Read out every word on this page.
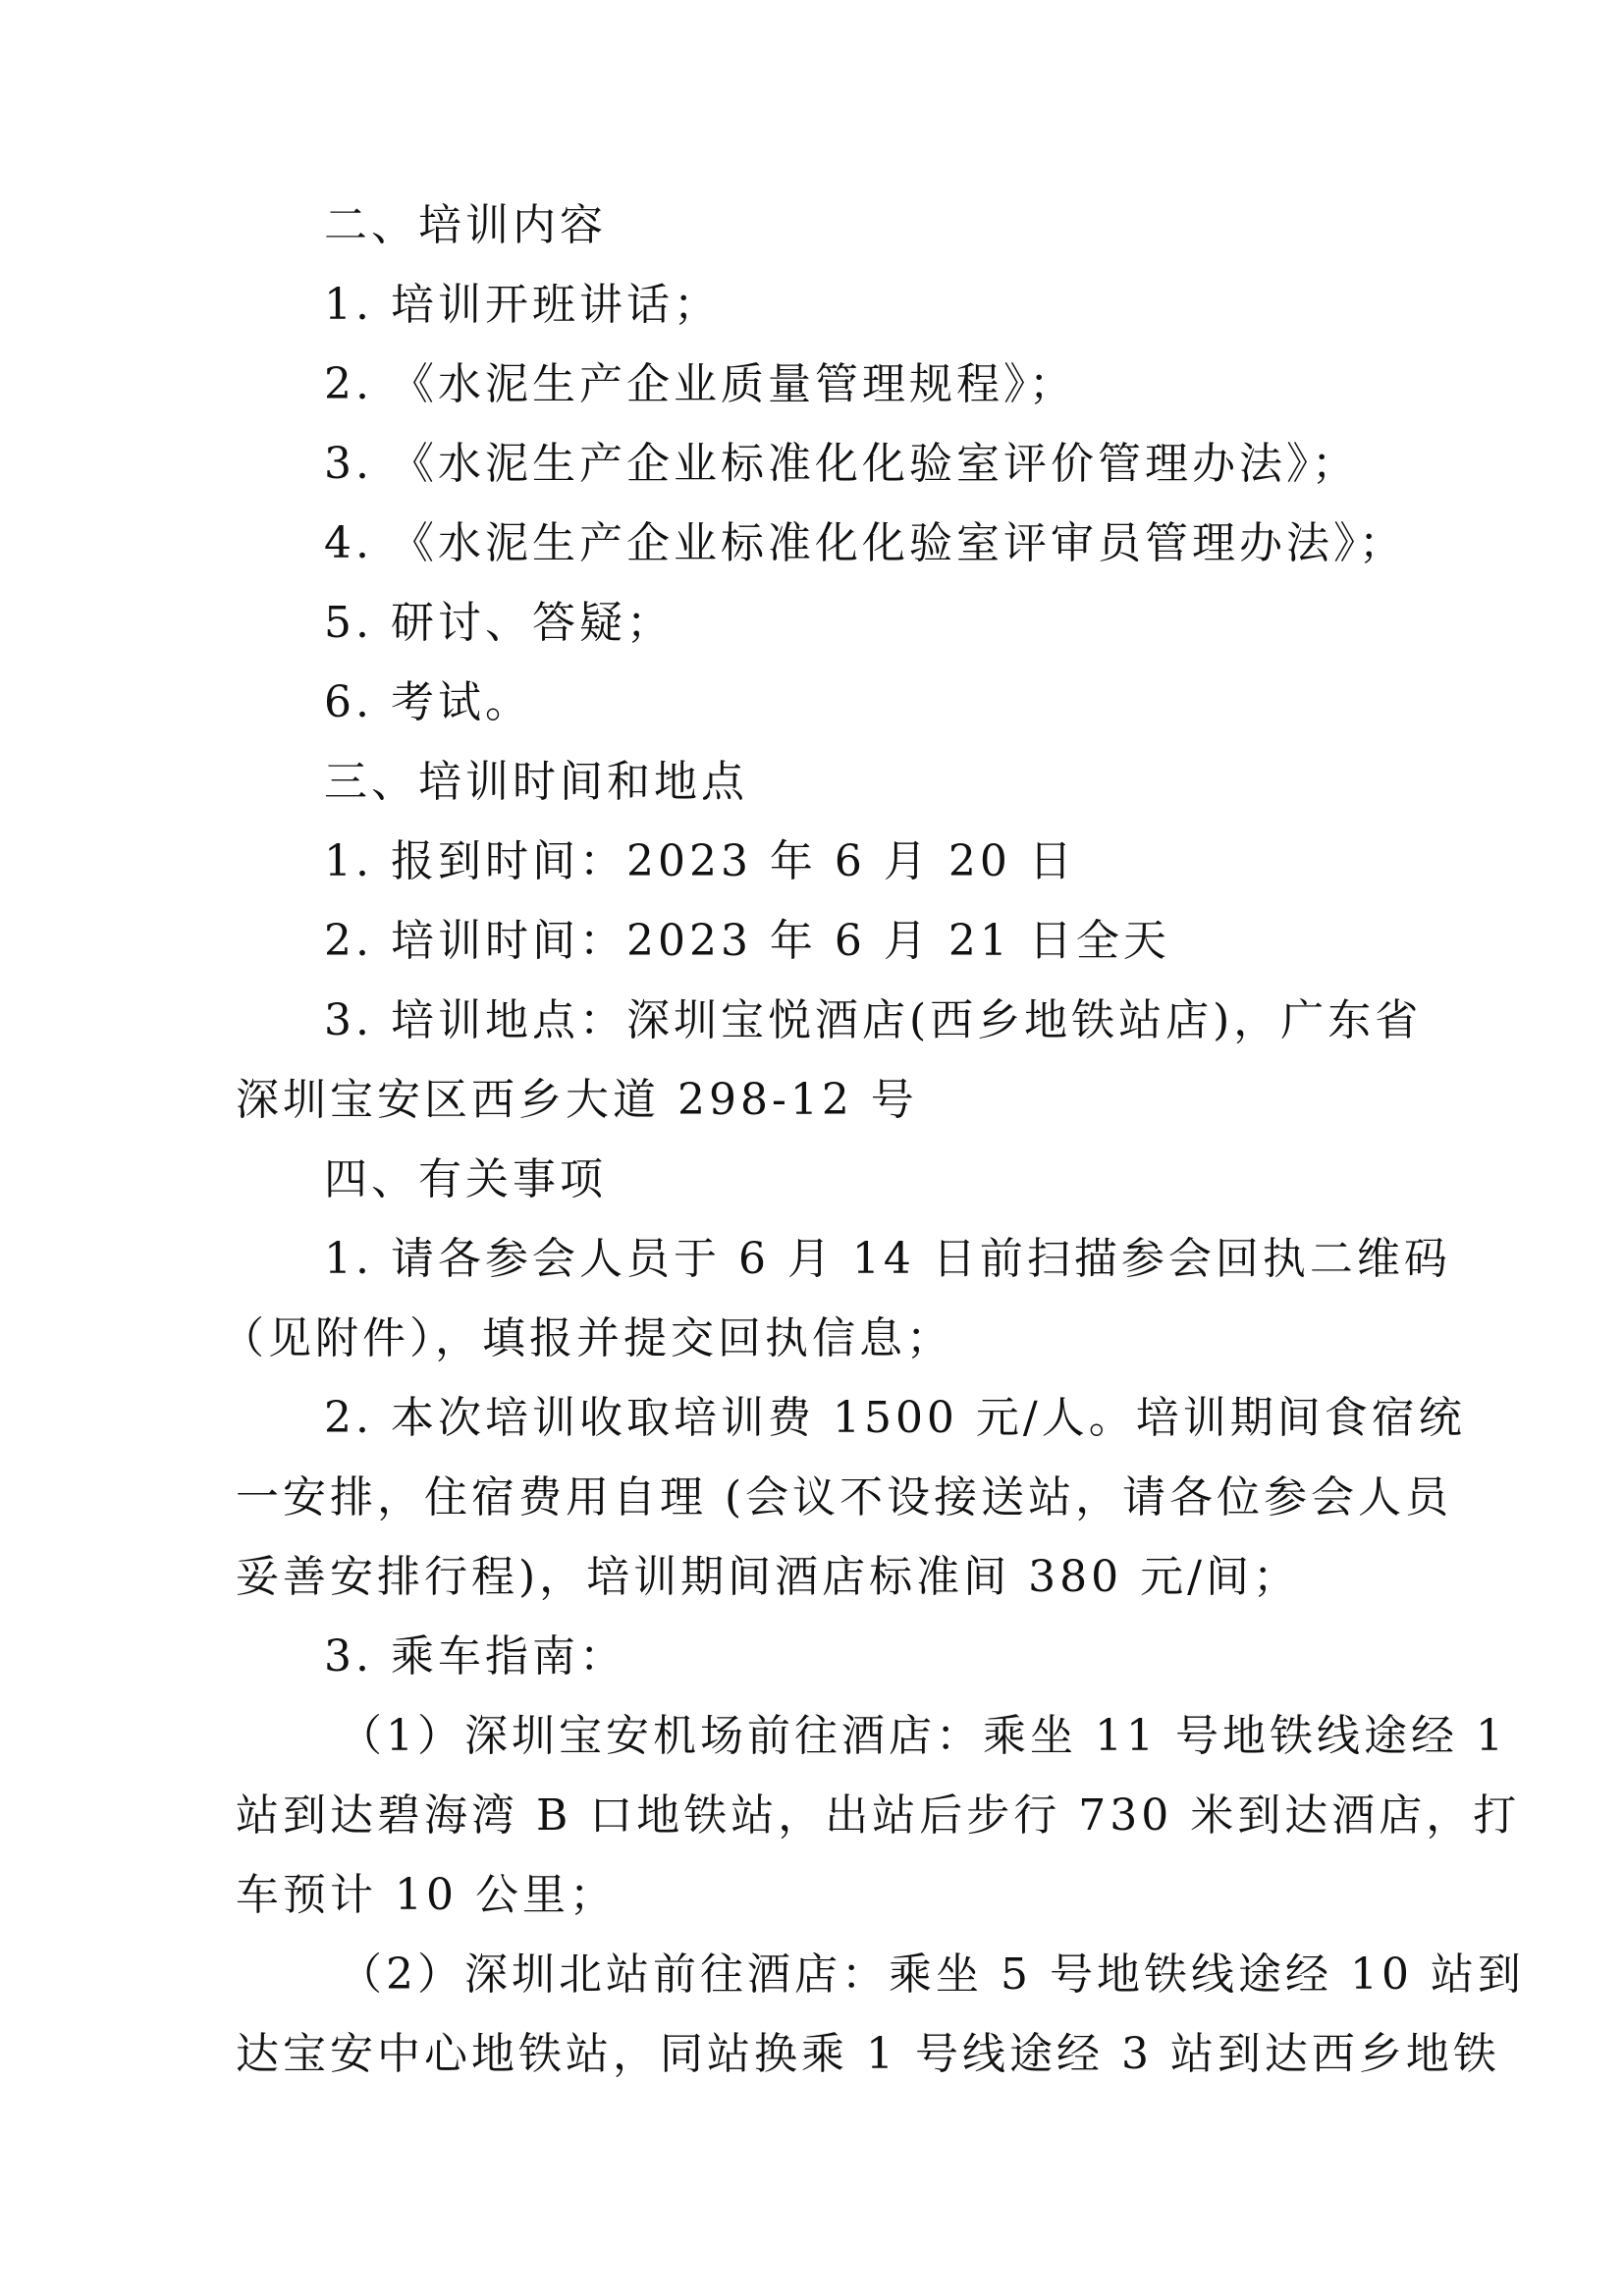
二、培训内容
1. 培训开班讲话；
2. 《水泥生产企业质量管理规程》；
3. 《水泥生产企业标准化化验室评价管理办法》；
4. 《水泥生产企业标准化化验室评审员管理办法》；
5. 研讨、答疑；
6. 考试。
三、培训时间和地点
1. 报到时间：2023 年 6 月 20 日
2. 培训时间：2023 年 6 月 21 日全天
3. 培训地点：深圳宝悦酒店(西乡地铁站店)，广东省
深圳宝安区西乡大道 298-12 号
四、有关事项
1. 请各参会人员于 6 月 14 日前扫描参会回执二维码
（见附件），填报并提交回执信息；
2. 本次培训收取培训费 1500 元/人。培训期间食宿统
一安排，住宿费用自理 (会议不设接送站，请各位参会人员
妥善安排行程)，培训期间酒店标准间 380 元/间；
3. 乘车指南：
（1）深圳宝安机场前往酒店：乘坐 11 号地铁线途经 1
站到达碧海湾 B 口地铁站，出站后步行 730 米到达酒店，打
车预计 10 公里；
（2）深圳北站前往酒店：乘坐 5 号地铁线途经 10 站到
达宝安中心地铁站，同站换乘 1 号线途经 3 站到达西乡地铁
